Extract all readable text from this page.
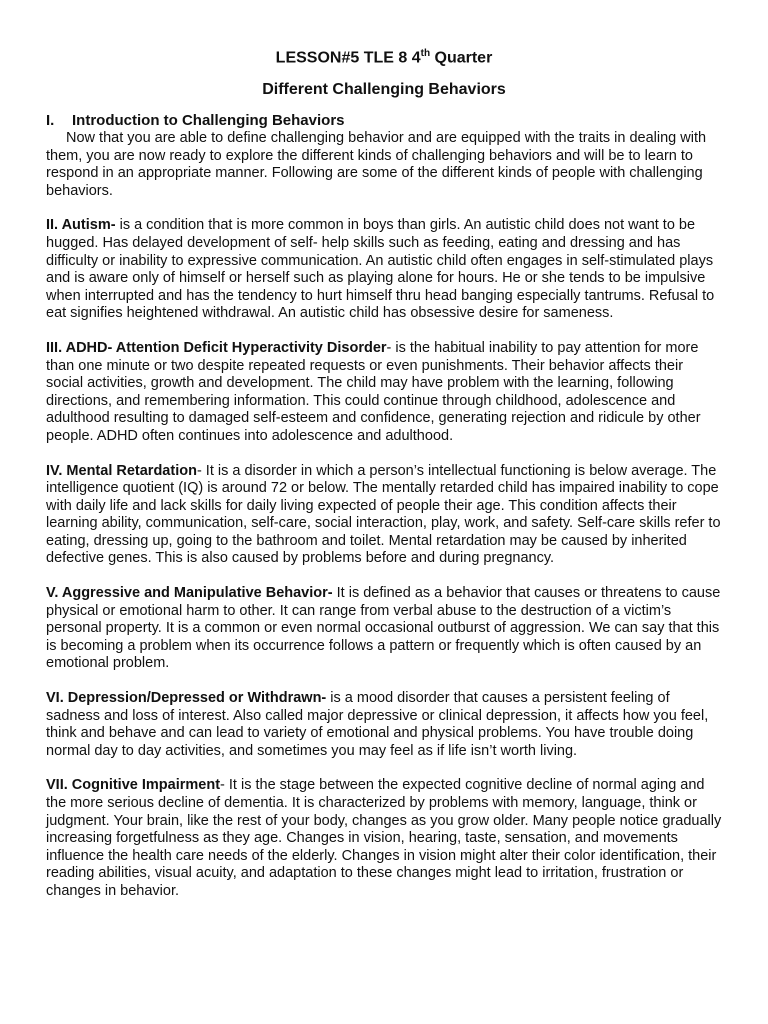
LESSON#5 TLE 8 4th Quarter
Different Challenging Behaviors
I. Introduction to Challenging Behaviors

Now that you are able to define challenging behavior and are equipped with the traits in dealing with them, you are now ready to explore the different kinds of challenging behaviors and will be to learn to respond in an appropriate manner. Following are some of the different kinds of people with challenging behaviors.

II. Autism- is a condition that is more common in boys than girls. An autistic child does not want to be hugged. Has delayed development of self- help skills such as feeding, eating and dressing and has difficulty or inability to expressive communication. An autistic child often engages in self-stimulated plays and is aware only of himself or herself such as playing alone for hours. He or she tends to be impulsive when interrupted and has the tendency to hurt himself thru head banging especially tantrums. Refusal to eat signifies heightened withdrawal. An autistic child has obsessive desire for sameness.

III. ADHD- Attention Deficit Hyperactivity Disorder- is the habitual inability to pay attention for more than one minute or two despite repeated requests or even punishments. Their behavior affects their social activities, growth and development. The child may have problem with the learning, following directions, and remembering information. This could continue through childhood, adolescence and adulthood resulting to damaged self-esteem and confidence, generating rejection and ridicule by other people. ADHD often continues into adolescence and adulthood.

IV. Mental Retardation- It is a disorder in which a person’s intellectual functioning is below average. The intelligence quotient (IQ) is around 72 or below. The mentally retarded child has impaired inability to cope with daily life and lack skills for daily living expected of people their age. This condition affects their learning ability, communication, self-care, social interaction, play, work, and safety. Self-care skills refer to eating, dressing up, going to the bathroom and toilet. Mental retardation may be caused by inherited defective genes. This is also caused by problems before and during pregnancy.

V. Aggressive and Manipulative Behavior- It is defined as a behavior that causes or threatens to cause physical or emotional harm to other. It can range from verbal abuse to the destruction of a victim’s personal property. It is a common or even normal occasional outburst of aggression. We can say that this is becoming a problem when its occurrence follows a pattern or frequently which is often caused by an emotional problem.

VI. Depression/Depressed or Withdrawn- is a mood disorder that causes a persistent feeling of sadness and loss of interest. Also called major depressive or clinical depression, it affects how you feel, think and behave and can lead to variety of emotional and physical problems. You have trouble doing normal day to day activities, and sometimes you may feel as if life isn’t worth living.

VII. Cognitive Impairment- It is the stage between the expected cognitive decline of normal aging and the more serious decline of dementia. It is characterized by problems with memory, language, think or judgment. Your brain, like the rest of your body, changes as you grow older. Many people notice gradually increasing forgetfulness as they age. Changes in vision, hearing, taste, sensation, and movements influence the health care needs of the elderly. Changes in vision might alter their color identification, their reading abilities, visual acuity, and adaptation to these changes might lead to irritation, frustration or changes in behavior.
